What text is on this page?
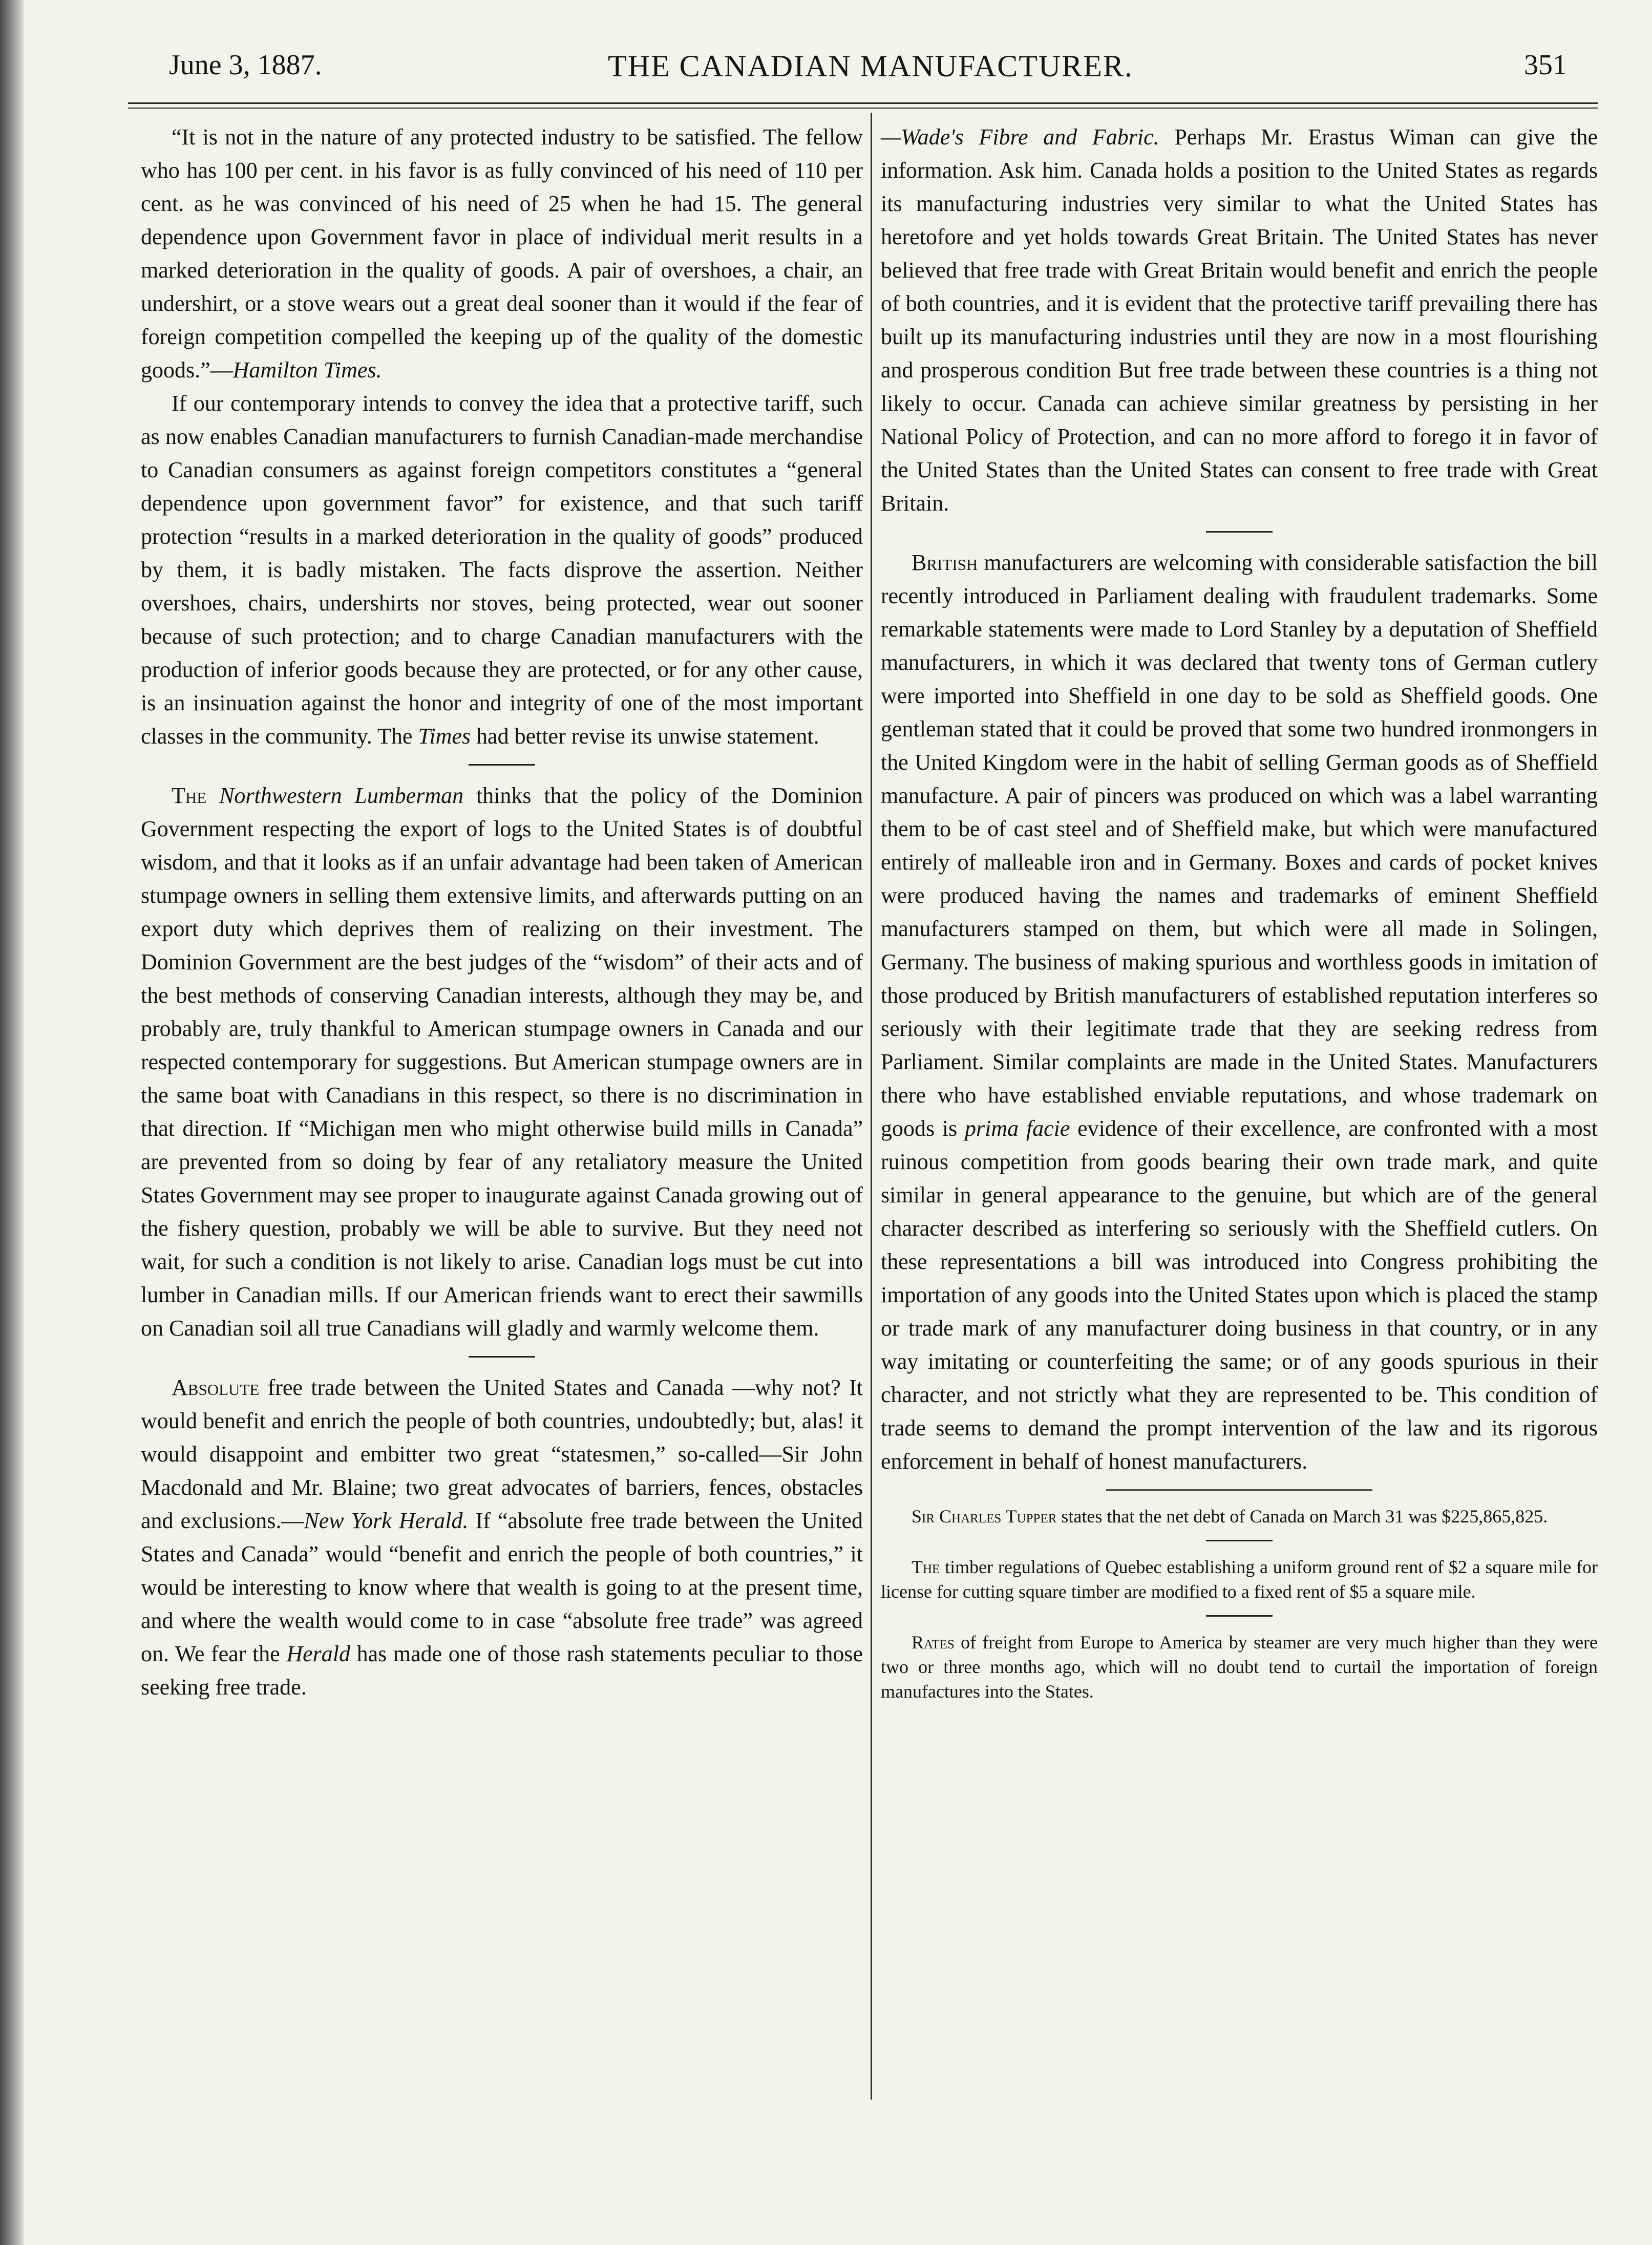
June 3, 1887.	THE CANADIAN MANUFACTURER.	351

“It is not in the nature of any protected industry to be satisfied. The fellow who has 100 per cent. in his favor is as fully convinced of his need of 110 per cent. as he was convinced of his need of 25 when he had 15. The general dependence upon Government favor in place of individual merit results in a marked deterioration in the quality of goods. A pair of overshoes, a chair, an undershirt, or a stove wears out a great deal sooner than it would if the fear of foreign competition compelled the keeping up of the quality of the domestic goods.”—Hamilton Times.

If our contemporary intends to convey the idea that a protective tariff, such as now enables Canadian manufacturers to furnish Canadian-made merchandise to Canadian consumers as against foreign competitors constitutes a “general dependence upon government favor” for existence, and that such tariff protection “results in a marked deterioration in the quality of goods” produced by them, it is badly mistaken. The facts disprove the assertion. Neither overshoes, chairs, undershirts nor stoves, being protected, wear out sooner because of such protection; and to charge Canadian manufacturers with the production of inferior goods because they are protected, or for any other cause, is an insinuation against the honor and integrity of one of the most important classes in the community. The Times had better revise its unwise statement.

The Northwestern Lumberman thinks that the policy of the Dominion Government respecting the export of logs to the United States is of doubtful wisdom, and that it looks as if an unfair advantage had been taken of American stumpage owners in selling them extensive limits, and afterwards putting on an export duty which deprives them of realizing on their investment. The Dominion Government are the best judges of the “wisdom” of their acts and of the best methods of conserving Canadian interests, although they may be, and probably are, truly thankful to American stumpage owners in Canada and our respected contemporary for suggestions. But American stumpage owners are in the same boat with Canadians in this respect, so there is no discrimination in that direction. If “Michigan men who might otherwise build mills in Canada” are prevented from so doing by fear of any retaliatory measure the United States Government may see proper to inaugurate against Canada growing out of the fishery question, probably we will be able to survive. But they need not wait, for such a condition is not likely to arise. Canadian logs must be cut into lumber in Canadian mills. If our American friends want to erect their sawmills on Canadian soil all true Canadians will gladly and warmly welcome them.

Absolute free trade between the United States and Canada —why not? It would benefit and enrich the people of both countries, undoubtedly; but, alas! it would disappoint and embitter two great “statesmen,” so-called—Sir John Macdonald and Mr. Blaine; two great advocates of barriers, fences, obstacles and exclusions.—New York Herald. If “absolute free trade between the United States and Canada” would “benefit and enrich the people of both countries,” it would be interesting to know where that wealth is going to at the present time, and where the wealth would come to in case “absolute free trade” was agreed on. We fear the Herald has made one of those rash statements peculiar to those seeking free trade.

—Wade's Fibre and Fabric. Perhaps Mr. Erastus Wiman can give the information. Ask him. Canada holds a position to the United States as regards its manufacturing industries very similar to what the United States has heretofore and yet holds towards Great Britain. The United States has never believed that free trade with Great Britain would benefit and enrich the people of both countries, and it is evident that the protective tariff prevailing there has built up its manufacturing industries until they are now in a most flourishing and prosperous condition But free trade between these countries is a thing not likely to occur. Canada can achieve similar greatness by persisting in her National Policy of Protection, and can no more afford to forego it in favor of the United States than the United States can consent to free trade with Great Britain.

British manufacturers are welcoming with considerable satisfaction the bill recently introduced in Parliament dealing with fraudulent trademarks. Some remarkable statements were made to Lord Stanley by a deputation of Sheffield manufacturers, in which it was declared that twenty tons of German cutlery were imported into Sheffield in one day to be sold as Sheffield goods. One gentleman stated that it could be proved that some two hundred ironmongers in the United Kingdom were in the habit of selling German goods as of Sheffield manufacture. A pair of pincers was produced on which was a label warranting them to be of cast steel and of Sheffield make, but which were manufactured entirely of malleable iron and in Germany. Boxes and cards of pocket knives were produced having the names and trademarks of eminent Sheffield manufacturers stamped on them, but which were all made in Solingen, Germany. The business of making spurious and worthless goods in imitation of those produced by British manufacturers of established reputation interferes so seriously with their legitimate trade that they are seeking redress from Parliament. Similar complaints are made in the United States. Manufacturers there who have established enviable reputations, and whose trademark on goods is prima facie evidence of their excellence, are confronted with a most ruinous competition from goods bearing their own trade mark, and quite similar in general appearance to the genuine, but which are of the general character described as interfering so seriously with the Sheffield cutlers. On these representations a bill was introduced into Congress prohibiting the importation of any goods into the United States upon which is placed the stamp or trade mark of any manufacturer doing business in that country, or in any way imitating or counterfeiting the same; or of any goods spurious in their character, and not strictly what they are represented to be. This condition of trade seems to demand the prompt intervention of the law and its rigorous enforcement in behalf of honest manufacturers.

Sir Charles Tupper states that the net debt of Canada on March 31 was $225,865,825.

The timber regulations of Quebec establishing a uniform ground rent of $2 a square mile for license for cutting square timber are modified to a fixed rent of $5 a square mile.

Rates of freight from Europe to America by steamer are very much higher than they were two or three months ago, which will no doubt tend to curtail the importation of foreign manufactures into the States.
